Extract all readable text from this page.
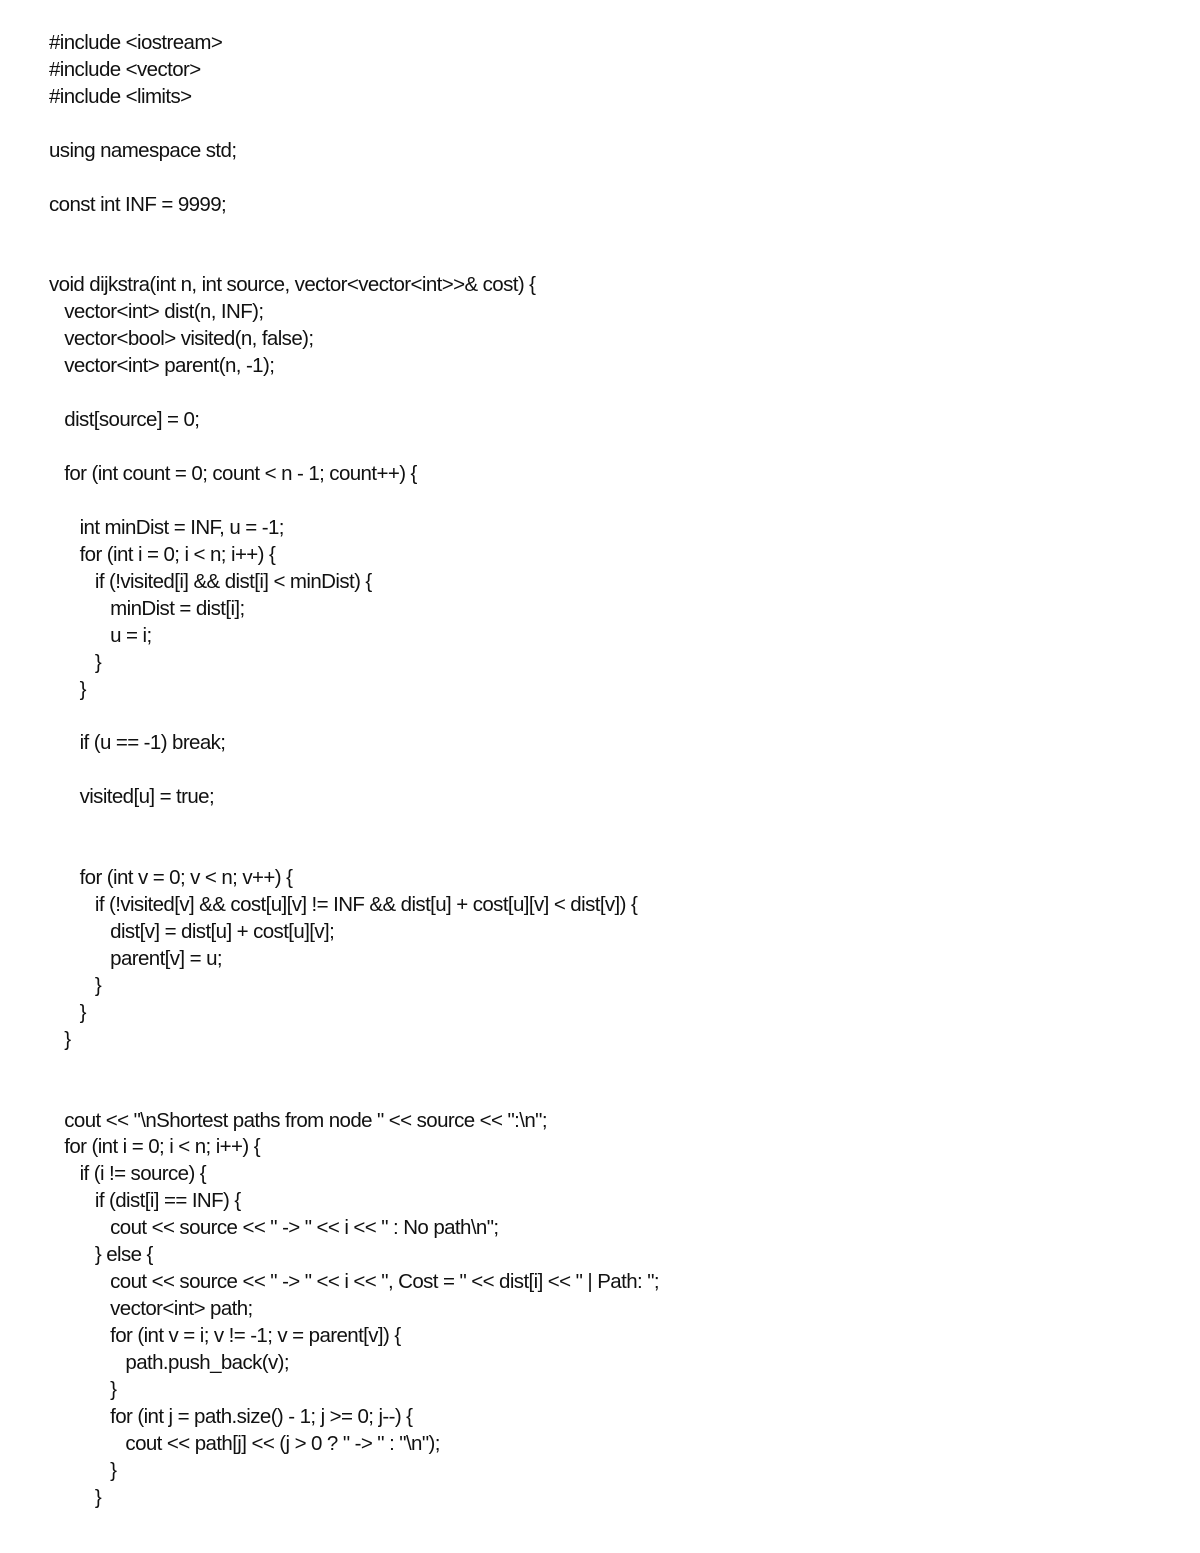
#include <iostream>
#include <vector>
#include <limits>

using namespace std;

const int INF = 9999;

void dijkstra(int n, int source, vector<vector<int>>& cost) {
vector<int> dist(n, INF);
vector<bool> visited(n, false);
vector<int> parent(n, -1);

dist[source] = 0;

for (int count = 0; count < n - 1; count++) {

int minDist = INF, u = -1;
for (int i = 0; i < n; i++) {
if (!visited[i] && dist[i] < minDist) {
minDist = dist[i];
u = i;
}
}

if (u == -1) break;

visited[u] = true;

for (int v = 0; v < n; v++) {
if (!visited[v] && cost[u][v] != INF && dist[u] + cost[u][v] < dist[v]) {
dist[v] = dist[u] + cost[u][v];
parent[v] = u;
}
}
}

cout << "\nShortest paths from node " << source << ":\n";
for (int i = 0; i < n; i++) {
if (i != source) {
if (dist[i] == INF) {
cout << source << " -> " << i << " : No path\n";
} else {
cout << source << " -> " << i << ", Cost = " << dist[i] << " | Path: ";
vector<int> path;
for (int v = i; v != -1; v = parent[v]) {
path.push_back(v);
}
for (int j = path.size() - 1; j >= 0; j--) {
cout << path[j] << (j > 0 ? " -> " : "\n");
}
}
